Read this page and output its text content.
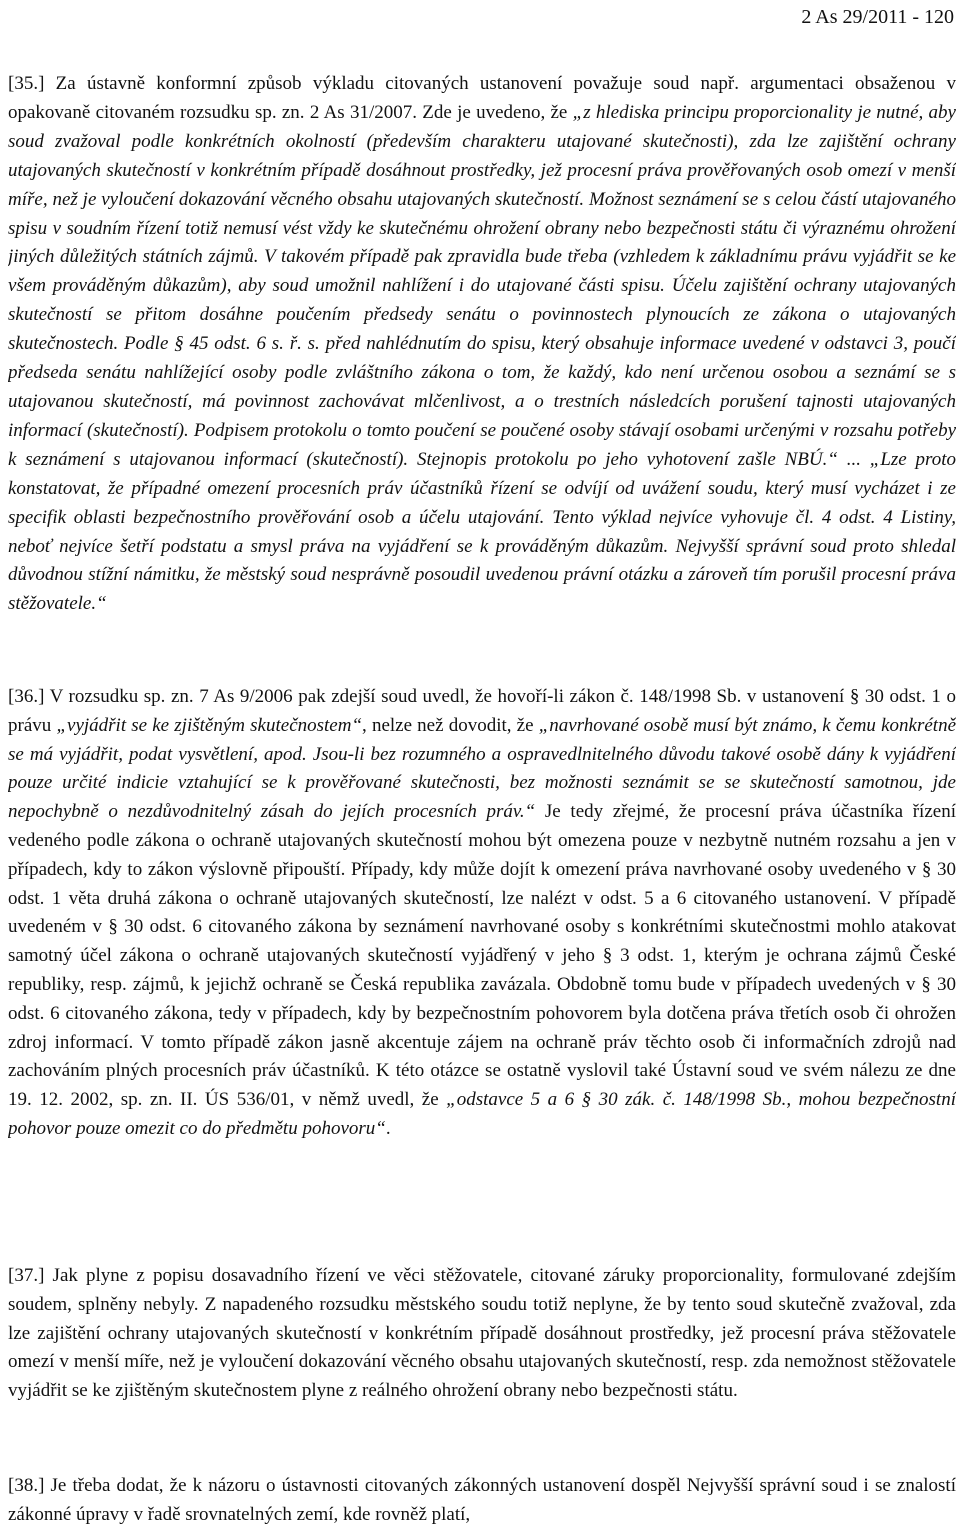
2 As 29/2011 - 120
[35.] Za ústavně konformní způsob výkladu citovaných ustanovení považuje soud např. argumentaci obsaženou v opakovaně citovaném rozsudku sp. zn. 2 As 31/2007. Zde je uvedeno, že „z hlediska principu proporcionality je nutné, aby soud zvažoval podle konkrétních okolností (především charakteru utajované skutečnosti), zda lze zajištění ochrany utajovaných skutečností v konkrétním případě dosáhnout prostředky, jež procesní práva prověřovaných osob omezí v menší míře, než je vyloučení dokazování věcného obsahu utajovaných skutečností. Možnost seznámení se s celou částí utajovaného spisu v soudním řízení totiž nemusí vést vždy ke skutečnému ohrožení obrany nebo bezpečnosti státu či výraznému ohrožení jiných důležitých státních zájmů. V takovém případě pak zpravidla bude třeba (vzhledem k základnímu právu vyjádřit se ke všem prováděným důkazům), aby soud umožnil nahlížení i do utajované části spisu. Účelu zajištění ochrany utajovaných skutečností se přitom dosáhne poučením předsedy senátu o povinnostech plynoucích ze zákona o utajovaných skutečnostech. Podle § 45 odst. 6 s. ř. s. před nahlédnutím do spisu, který obsahuje informace uvedené v odstavci 3, poučí předseda senátu nahlížející osoby podle zvláštního zákona o tom, že každý, kdo není určenou osobou a seznámí se s utajovanou skutečností, má povinnost zachovávat mlčenlivost, a o trestních následcích porušení tajnosti utajovaných informací (skutečností). Podpisem protokolu o tomto poučení se poučené osoby stávají osobami určenými v rozsahu potřeby k seznámení s utajovanou informací (skutečností). Stejnopis protokolu po jeho vyhotovení zašle NBÚ.“ ... „Lze proto konstatovat, že případné omezení procesních práv účastníků řízení se odvíjí od uvážení soudu, který musí vycházet i ze specifik oblasti bezpečnostního prověřování osob a účelu utajování. Tento výklad nejvíce vyhovuje čl. 4 odst. 4 Listiny, neboť nejvíce šetří podstatu a smysl práva na vyjádření se k prováděným důkazům. Nejvyšší správní soud proto shledal důvodnou stížní námitku, že městský soud nesprávně posoudil uvedenou právní otázku a zároveň tím porušil procesní práva stěžovatele.“
[36.] V rozsudku sp. zn. 7 As 9/2006 pak zdejší soud uvedl, že hovoří-li zákon č. 148/1998 Sb. v ustanovení § 30 odst. 1 o právu „vyjádřit se ke zjištěným skutečnostem“, nelze než dovodit, že „navrhované osobě musí být známo, k čemu konkrétně se má vyjádřit, podat vysvětlení, apod. Jsou-li bez rozumného a ospravedlnitelného důvodu takové osobě dány k vyjádření pouze určité indicie vztahující se k prověřované skutečnosti, bez možnosti seznámit se se skutečností samotnou, jde nepochybně o nezdůvodnitelný zásah do jejích procesních práv.“ Je tedy zřejmé, že procesní práva účastníka řízení vedeného podle zákona o ochraně utajovaných skutečností mohou být omezena pouze v nezbytně nutném rozsahu a jen v případech, kdy to zákon výslovně připouští. Případy, kdy může dojít k omezení práva navrhované osoby uvedeného v § 30 odst. 1 věta druhá zákona o ochraně utajovaných skutečností, lze nalézt v odst. 5 a 6 citovaného ustanovení. V případě uvedeném v § 30 odst. 6 citovaného zákona by seznámení navrhované osoby s konkrétními skutečnostmi mohlo atakovat samotný účel zákona o ochraně utajovaných skutečností vyjádřený v jeho § 3 odst. 1, kterým je ochrana zájmů České republiky, resp. zájmů, k jejichž ochraně se Česká republika zavázala. Obdobně tomu bude v případech uvedených v § 30 odst. 6 citovaného zákona, tedy v případech, kdy by bezpečnostním pohovorem byla dotčena práva třetích osob či ohrožen zdroj informací. V tomto případě zákon jasně akcentuje zájem na ochraně práv těchto osob či informačních zdrojů nad zachováním plných procesních práv účastníků. K této otázce se ostatně vyslovil také Ústavní soud ve svém nálezu ze dne 19. 12. 2002, sp. zn. II. ÚS 536/01, v němž uvedl, že „odstavce 5 a 6 § 30 zák. č. 148/1998 Sb., mohou bezpečnostní pohovor pouze omezit co do předmětu pohovoru“.
[37.] Jak plyne z popisu dosavadního řízení ve věci stěžovatele, citované záruky proporcionality, formulované zdejším soudem, splněny nebyly. Z napadeného rozsudku městského soudu totiž neplyne, že by tento soud skutečně zvažoval, zda lze zajištění ochrany utajovaných skutečností v konkrétním případě dosáhnout prostředky, jež procesní práva stěžovatele omezí v menší míře, než je vyloučení dokazování věcného obsahu utajovaných skutečností, resp. zda nemožnost stěžovatele vyjádřit se ke zjištěným skutečnostem plyne z reálného ohrožení obrany nebo bezpečnosti státu.
[38.] Je třeba dodat, že k názoru o ústavnosti citovaných zákonných ustanovení dospěl Nejvyšší správní soud i se znalostí zákonné úpravy v řadě srovnatelných zemí, kde rovněž platí,
